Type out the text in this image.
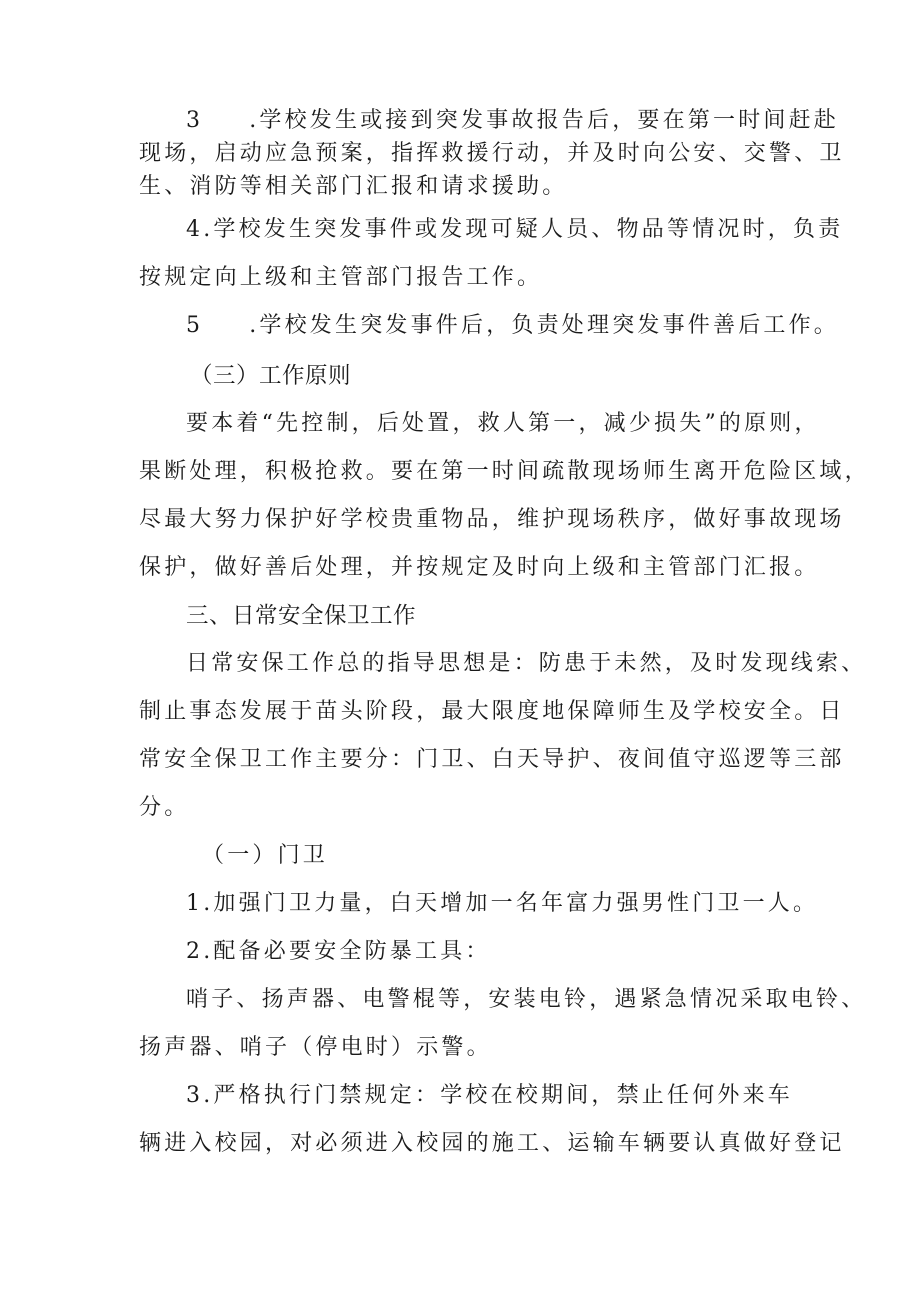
3 .学校发生或接到突发事故报告后，要在第一时间赶赴

现场，启动应急预案，指挥救援行动，并及时向公安、交警、卫

生、消防等相关部门汇报和请求援助。

4.学校发生突发事件或发现可疑人员、物品等情况时，负责

按规定向上级和主管部门报告工作。

5 .学校发生突发事件后，负责处理突发事件善后工作。

（三）工作原则

要本着“先控制，后处置，救人第一，减少损失”的原则，

果断处理，积极抢救。要在第一时间疏散现场师生离开危险区域，

尽最大努力保护好学校贵重物品，维护现场秩序，做好事故现场

保护，做好善后处理，并按规定及时向上级和主管部门汇报。

三、日常安全保卫工作

日常安保工作总的指导思想是：防患于未然，及时发现线索、

制止事态发展于苗头阶段，最大限度地保障师生及学校安全。日

常安全保卫工作主要分：门卫、白天导护、夜间值守巡逻等三部

分。

（一）门卫

1.加强门卫力量，白天增加一名年富力强男性门卫一人。

2.配备必要安全防暴工具：

哨子、扬声器、电警棍等，安装电铃，遇紧急情况采取电铃、

扬声器、哨子（停电时）示警。

3.严格执行门禁规定：学校在校期间，禁止任何外来车

辆进入校园，对必须进入校园的施工、运输车辆要认真做好登记
